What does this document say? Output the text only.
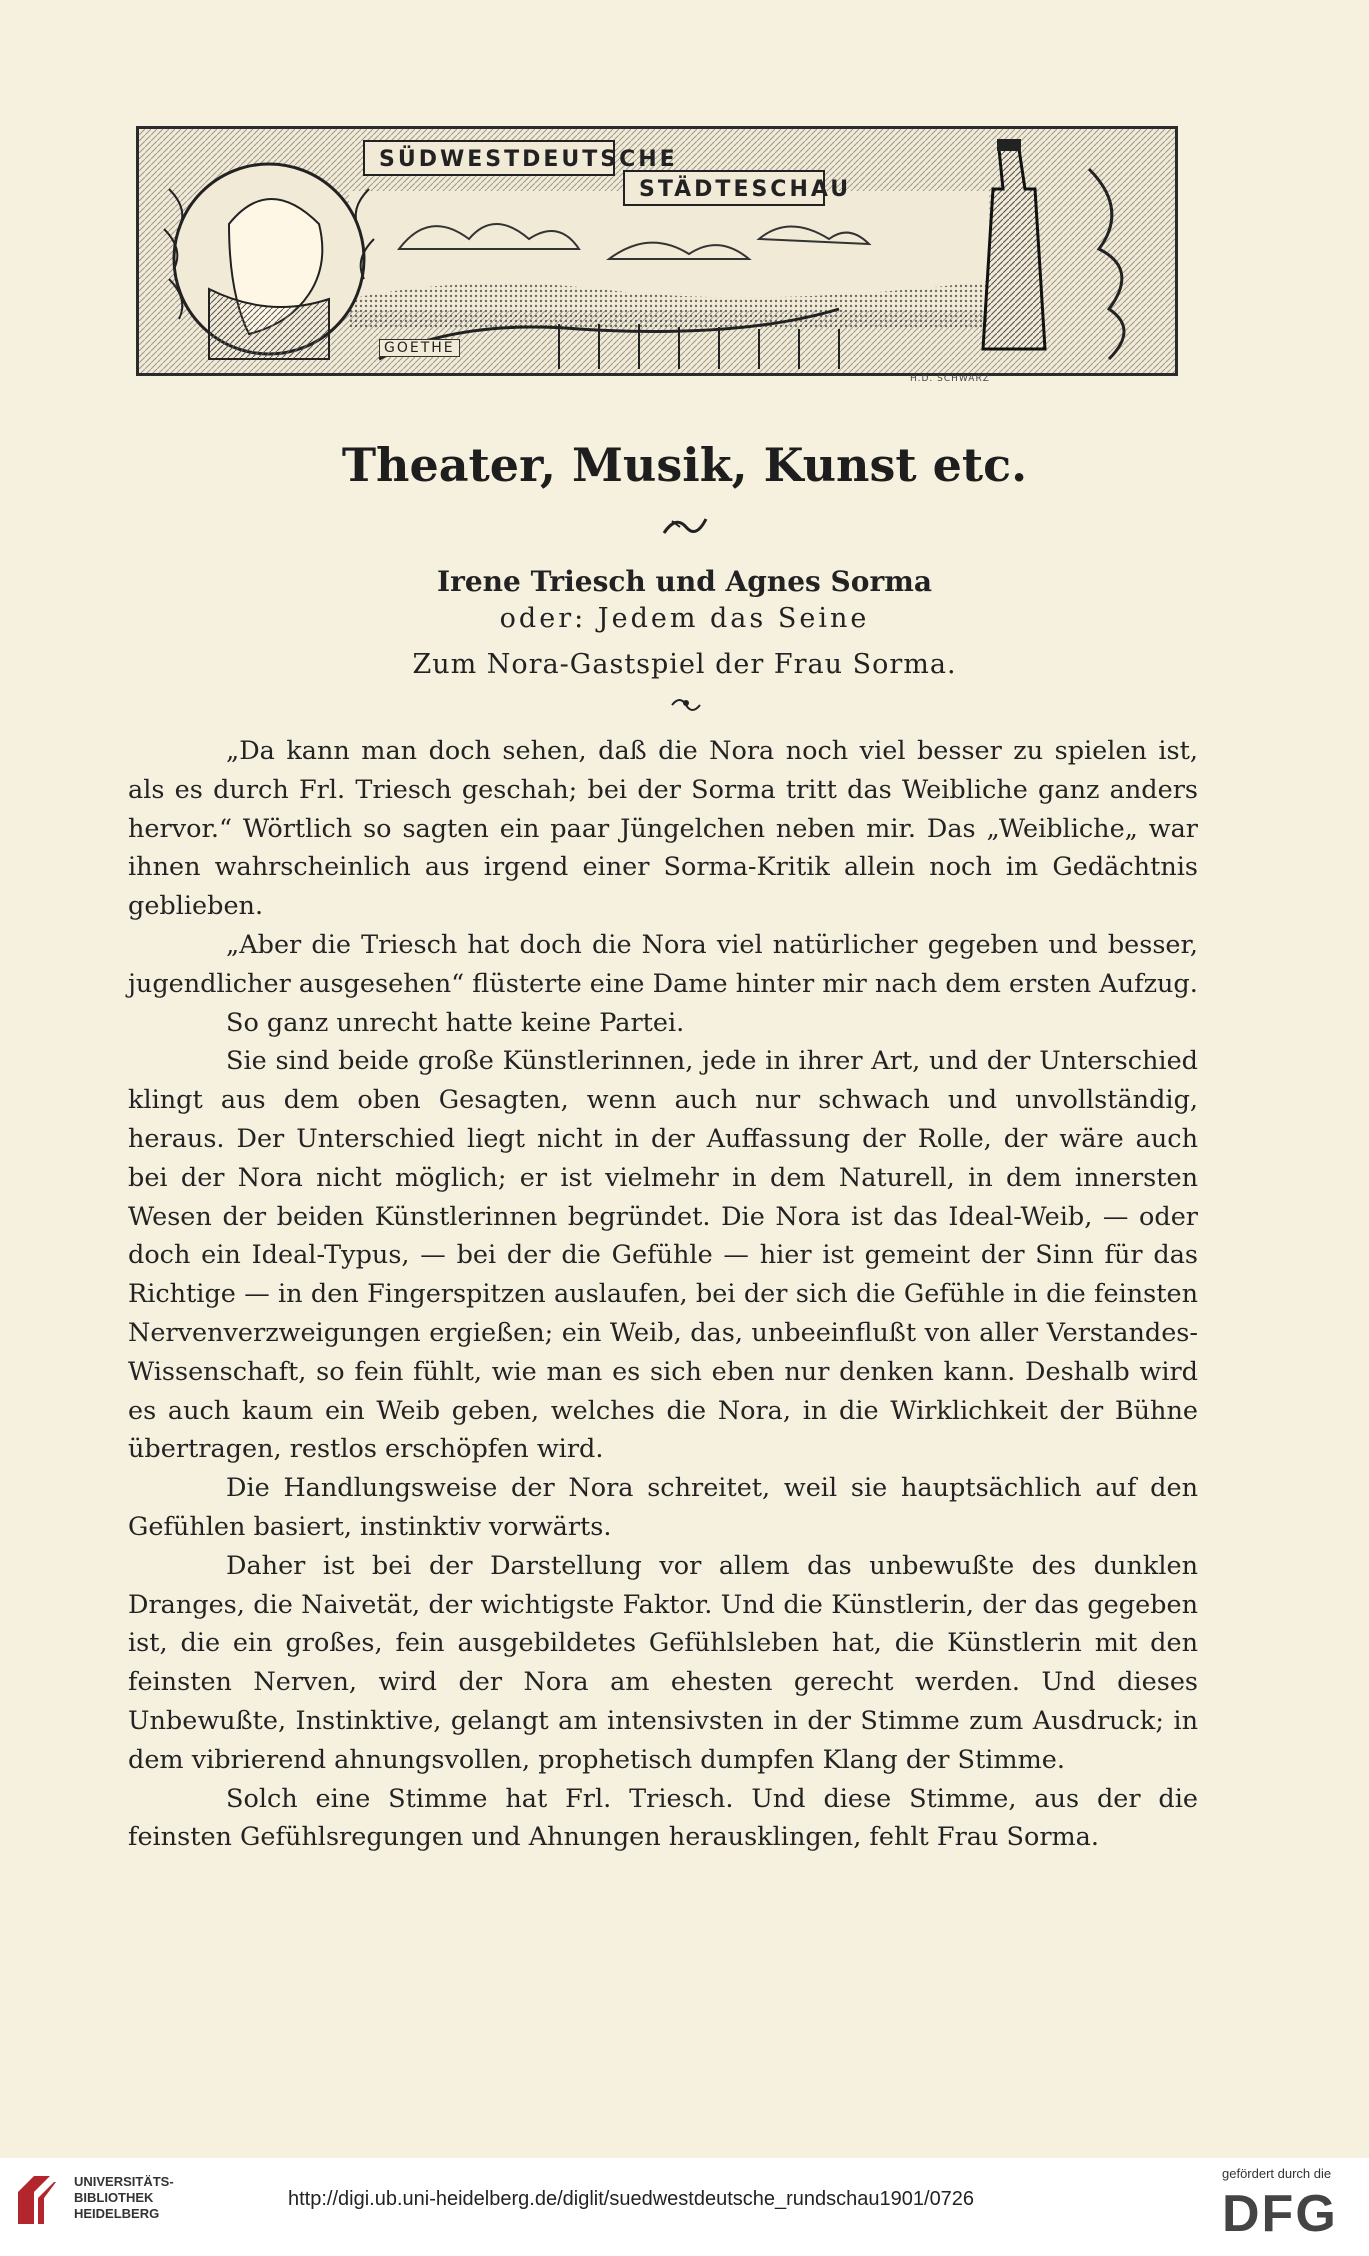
SÜDWESTDEUTSCHE
STÄDTESCHAU
GOETHE
H.D. SCHWARZ
Theater, Musik, Kunst etc.
Irene Triesch und Agnes Sorma
oder: Jedem das Seine
Zum Nora-Gastspiel der Frau Sorma.

„Da kann man doch sehen, daß die Nora noch viel besser zu spielen ist, als es durch Frl. Triesch geschah; bei der Sorma tritt das Weibliche ganz anders hervor.“ Wörtlich so sagten ein paar Jüngelchen neben mir. Das „Weibliche„ war ihnen wahrscheinlich aus irgend einer Sorma-Kritik allein noch im Gedächtnis geblieben.

„Aber die Triesch hat doch die Nora viel natürlicher gegeben und besser, jugendlicher ausgesehen“ flüsterte eine Dame hinter mir nach dem ersten Aufzug.

So ganz unrecht hatte keine Partei.

Sie sind beide große Künstlerinnen, jede in ihrer Art, und der Unterschied klingt aus dem oben Gesagten, wenn auch nur schwach und unvollständig, heraus. Der Unterschied liegt nicht in der Auffassung der Rolle, der wäre auch bei der Nora nicht möglich; er ist vielmehr in dem Naturell, in dem innersten Wesen der beiden Künstlerinnen begründet. Die Nora ist das Ideal-Weib, — oder doch ein Ideal-Typus, — bei der die Gefühle — hier ist gemeint der Sinn für das Richtige — in den Fingerspitzen auslaufen, bei der sich die Gefühle in die feinsten Nervenverzweigungen ergießen; ein Weib, das, unbeeinflußt von aller Verstandes-Wissenschaft, so fein fühlt, wie man es sich eben nur denken kann. Deshalb wird es auch kaum ein Weib geben, welches die Nora, in die Wirklichkeit der Bühne übertragen, restlos erschöpfen wird.

Die Handlungsweise der Nora schreitet, weil sie hauptsächlich auf den Gefühlen basiert, instinktiv vorwärts.

Daher ist bei der Darstellung vor allem das unbewußte des dunklen Dranges, die Naivetät, der wichtigste Faktor. Und die Künstlerin, der das gegeben ist, die ein großes, fein ausgebildetes Gefühlsleben hat, die Künstlerin mit den feinsten Nerven, wird der Nora am ehesten gerecht werden. Und dieses Unbewußte, Instinktive, gelangt am intensivsten in der Stimme zum Ausdruck; in dem vibrierend ahnungsvollen, prophetisch dumpfen Klang der Stimme.

Solch eine Stimme hat Frl. Triesch. Und diese Stimme, aus der die feinsten Gefühlsregungen und Ahnungen herausklingen, fehlt Frau Sorma.

UNIVERSITÄTS-
BIBLIOTHEK
HEIDELBERG
http://digi.ub.uni-heidelberg.de/diglit/suedwestdeutsche_rundschau1901/0726
gefördert durch die
DFG
